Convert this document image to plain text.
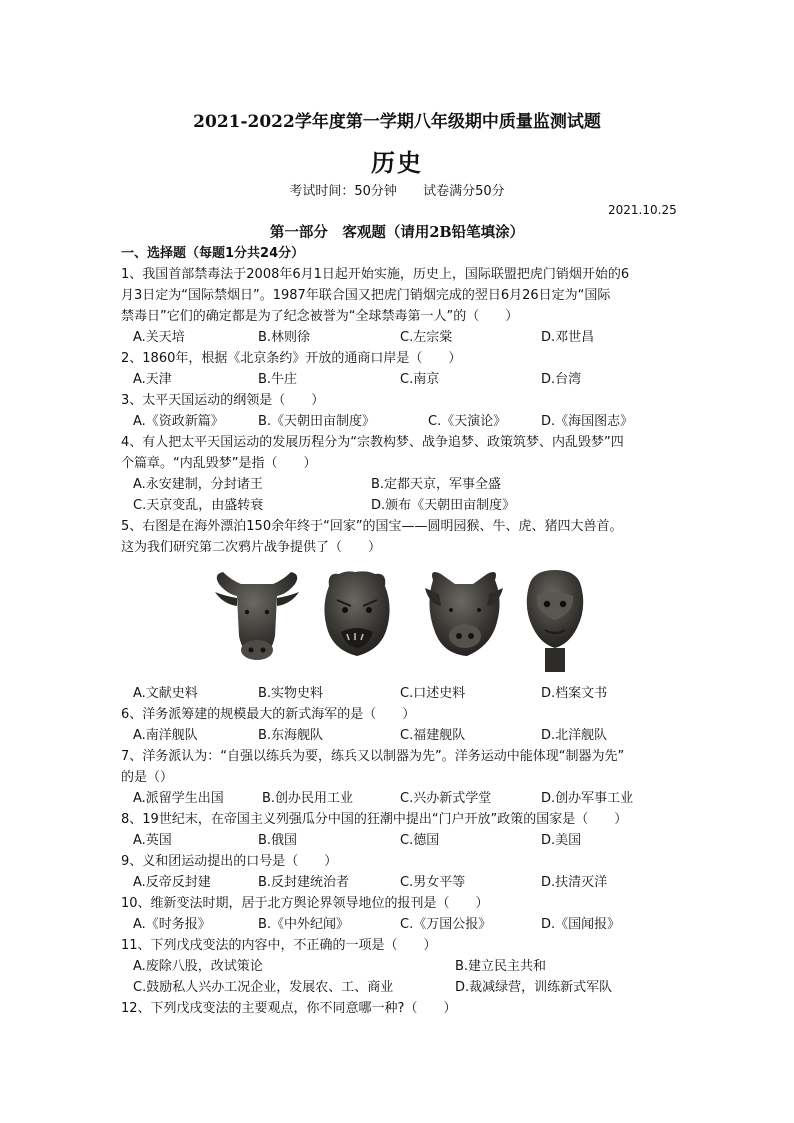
2021-2022学年度第一学期八年级期中质量监测试题
历史
考试时间：50分钟 试卷满分50分
2021.10.25
第一部分　客观题（请用2B铅笔填涂）
一、选择题（每题1分共24分）
1、我国首部禁毒法于2008年6月1日起开始实施，历史上，国际联盟把虎门销烟开始的6
月3日定为“国际禁烟日”。1987年联合国又把虎门销烟完成的翌日6月26日定为“国际
禁毒日”它们的确定都是为了纪念被誉为“全球禁毒第一人”的（　　）
A.关天培	B.林则徐	C.左宗棠	D.邓世昌
2、1860年，根据《北京条约》开放的通商口岸是（　　）
A.天津	B.牛庄	C.南京	D.台湾
3、太平天国运动的纲领是（　　）
A.《资政新篇》	B.《天朝田亩制度》	C.《天演论》	D.《海国图志》
4、有人把太平天国运动的发展历程分为“宗教构梦、战争追梦、政策筑梦、内乱毁梦”四
个篇章。“内乱毁梦”是指（　　）
A.永安建制，分封诸王	B.定都天京，军事全盛
C.天京变乱，由盛转衰	D.颁布《天朝田亩制度》
5、右图是在海外漂泊150余年终于“回家”的国宝——圆明园猴、牛、虎、猪四大兽首。
这为我们研究第二次鸦片战争提供了（　　）
A.文献史料	B.实物史料	C.口述史料	D.档案文书
6、洋务派筹建的规模最大的新式海军的是（　　）
A.南洋舰队	B.东海舰队	C.福建舰队	D.北洋舰队
7、洋务派认为：“自强以练兵为要，练兵又以制器为先”。洋务运动中能体现“制器为先”
的是（）
A.派留学生出国	B.创办民用工业	C.兴办新式学堂	D.创办军事工业
8、19世纪末，在帝国主义列强瓜分中国的狂潮中提出“门户开放”政策的国家是（　　）
A.英国	B.俄国	C.德国	D.美国
9、义和团运动提出的口号是（　　）
A.反帝反封建	B.反封建统治者	C.男女平等	D.扶清灭洋
10、维新变法时期，居于北方舆论界领导地位的报刊是（　　）
A.《时务报》	B.《中外纪闻》	C.《万国公报》	D.《国闻报》
11、下列戊戌变法的内容中，不正确的一项是（　　）
A.废除八股，改试策论	B.建立民主共和
C.鼓励私人兴办工况企业，发展农、工、商业	D.裁减绿营，训练新式军队
12、下列戊戌变法的主要观点，你不同意哪一种?（　　）
